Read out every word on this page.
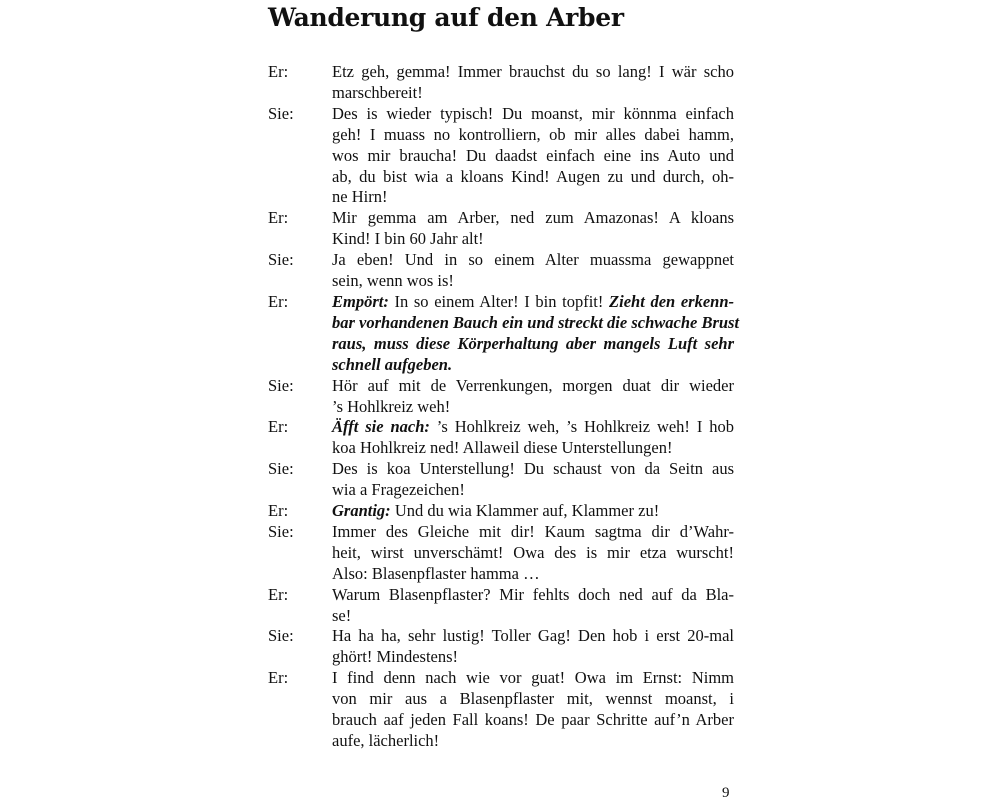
Wanderung auf den Arber
Er:	Etz geh, gemma! Immer brauchst du so lang! I wär scho
marschbereit!
Sie:	Des is wieder typisch! Du moanst, mir könnma einfach
geh! I muass no kontrolliern, ob mir alles dabei hamm,
wos mir braucha! Du daadst einfach eine ins Auto und
ab, du bist wia a kloans Kind! Augen zu und durch, oh-
ne Hirn!
Er:	Mir gemma am Arber, ned zum Amazonas! A kloans
Kind! I bin 60 Jahr alt!
Sie:	Ja eben! Und in so einem Alter muassma gewappnet
sein, wenn wos is!
Er:	Empört: In so einem Alter! I bin topfit! Zieht den erkenn-
bar vorhandenen Bauch ein und streckt die schwache Brust
raus, muss diese Körperhaltung aber mangels Luft sehr
schnell aufgeben.
Sie:	Hör auf mit de Verrenkungen, morgen duat dir wieder
’s Hohlkreiz weh!
Er:	Äfft sie nach: ’s Hohlkreiz weh, ’s Hohlkreiz weh! I hob
koa Hohlkreiz ned! Allaweil diese Unterstellungen!
Sie:	Des is koa Unterstellung! Du schaust von da Seitn aus
wia a Fragezeichen!
Er:	Grantig: Und du wia Klammer auf, Klammer zu!
Sie:	Immer des Gleiche mit dir! Kaum sagtma dir d’Wahr-
heit, wirst unverschämt! Owa des is mir etza wurscht!
Also: Blasenpflaster hamma …
Er:	Warum Blasenpflaster? Mir fehlts doch ned auf da Bla-
se!
Sie:	Ha ha ha, sehr lustig! Toller Gag! Den hob i erst 20-mal
ghört! Mindestens!
Er:	I find denn nach wie vor guat! Owa im Ernst: Nimm
von mir aus a Blasenpflaster mit, wennst moanst, i
brauch aaf jeden Fall koans! De paar Schritte auf’n Arber
aufe, lächerlich!
9
